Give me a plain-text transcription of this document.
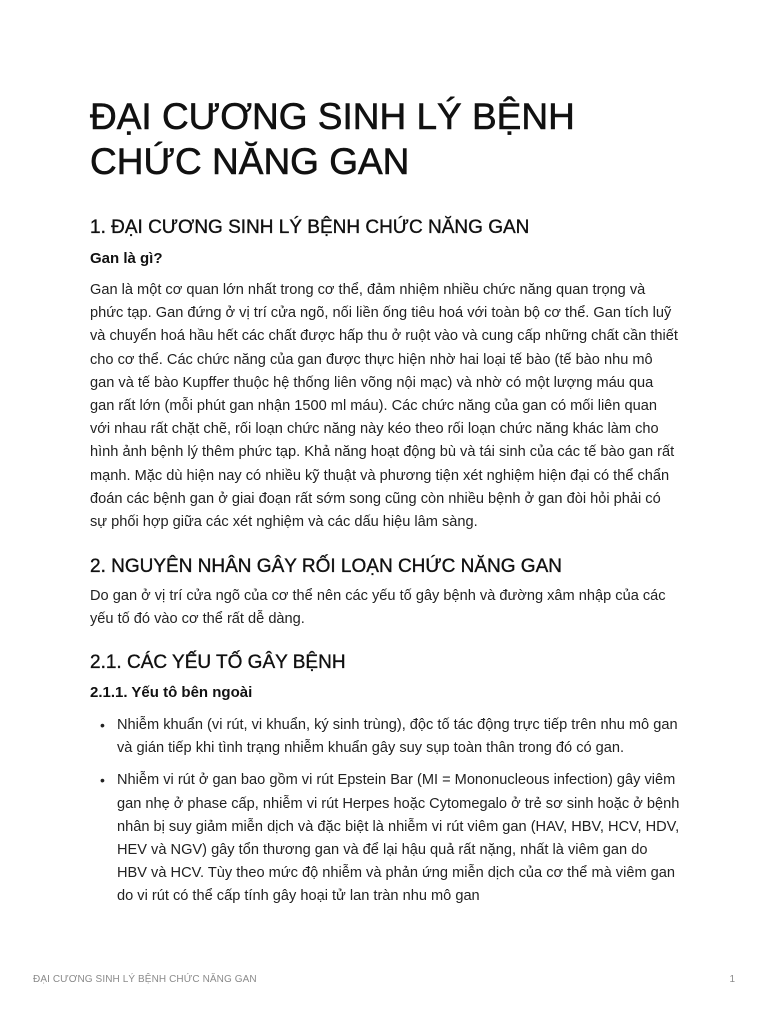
ĐẠI CƯƠNG SINH LÝ BỆNH CHỨC NĂNG GAN
1. ĐẠI CƯƠNG SINH LÝ BỆNH CHỨC NĂNG GAN
Gan là gì?

Gan là một cơ quan lớn nhất trong cơ thể, đảm nhiệm nhiều chức năng quan trọng và phức tạp. Gan đứng ở vị trí cửa ngõ, nối liền ống tiêu hoá với toàn bộ cơ thể. Gan tích luỹ và chuyển hoá hầu hết các chất được hấp thu ở ruột vào và cung cấp những chất cần thiết cho cơ thể. Các chức năng của gan được thực hiện nhờ hai loại tế bào (tế bào nhu mô gan và tế bào Kupffer thuộc hệ thống liên võng nội mạc) và nhờ có một lượng máu qua gan rất lớn (mỗi phút gan nhận 1500 ml máu). Các chức năng của gan có mối liên quan với nhau rất chặt chẽ, rối loạn chức năng này kéo theo rối loạn chức năng khác làm cho hình ảnh bệnh lý thêm phức tạp. Khả năng hoạt động bù và tái sinh của các tế bào gan rất mạnh. Mặc dù hiện nay có nhiều kỹ thuật và phương tiện xét nghiệm hiện đại có thể chẩn đoán các bệnh gan ở giai đoạn rất sớm song cũng còn nhiều bệnh ở gan đòi hỏi phải có sự phối hợp giữa các xét nghiệm và các dấu hiệu lâm sàng.

2. NGUYÊN NHÂN GÂY RỐI LOẠN CHỨC NĂNG GAN

Do gan ở vị trí cửa ngõ của cơ thể nên các yếu tố gây bệnh và đường xâm nhập của các yếu tố đó vào cơ thể rất dễ dàng.

2.1. CÁC YẾU TỐ GÂY BỆNH
2.1.1. Yếu tô bên ngoài
• Nhiễm khuẩn (vi rút, vi khuẩn, ký sinh trùng), độc tố tác động trực tiếp trên nhu mô gan và gián tiếp khi tình trạng nhiễm khuẩn gây suy sụp toàn thân trong đó có gan.
• Nhiễm vi rút ở gan bao gồm vi rút Epstein Bar (MI = Mononucleous infection) gây viêm gan nhẹ ở phase cấp, nhiễm vi rút Herpes hoặc Cytomegalo ở trẻ sơ sinh hoặc ở bệnh nhân bị suy giảm miễn dịch và đặc biệt là nhiễm vi rút viêm gan (HAV, HBV, HCV, HDV, HEV và NGV) gây tổn thương gan và để lại hậu quả rất nặng, nhất là viêm gan do HBV và HCV. Tùy theo mức độ nhiễm và phản ứng miễn dịch của cơ thể mà viêm gan do vi rút có thể cấp tính gây hoại tử lan tràn nhu mô gan
ĐẠI CƯƠNG SINH LÝ BỆNH CHỨC NĂNG GAN	1
